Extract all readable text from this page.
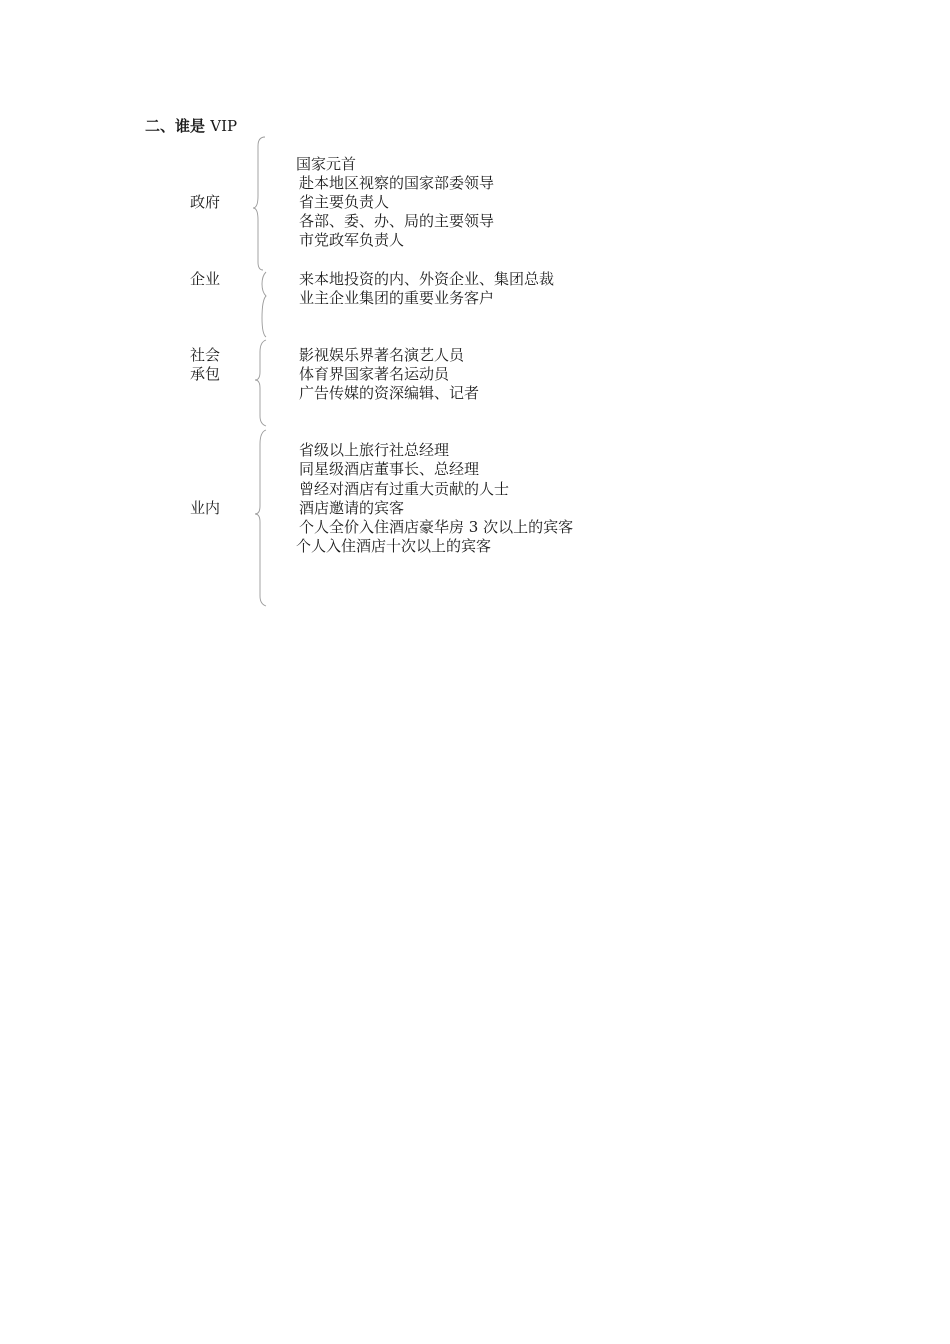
二、谁是 VIP
政府
国家元首
赴本地区视察的国家部委领导
省主要负责人
各部、委、办、局的主要领导
市党政军负责人
企业	来本地投资的内、外资企业、集团总裁
业主企业集团的重要业务客户
社会
承包
影视娱乐界著名演艺人员
体育界国家著名运动员
广告传媒的资深编辑、记者
业内
省级以上旅行社总经理
同星级酒店董事长、总经理
曾经对酒店有过重大贡献的人士
酒店邀请的宾客
个人全价入住酒店豪华房 3 次以上的宾客
个人入住酒店十次以上的宾客
